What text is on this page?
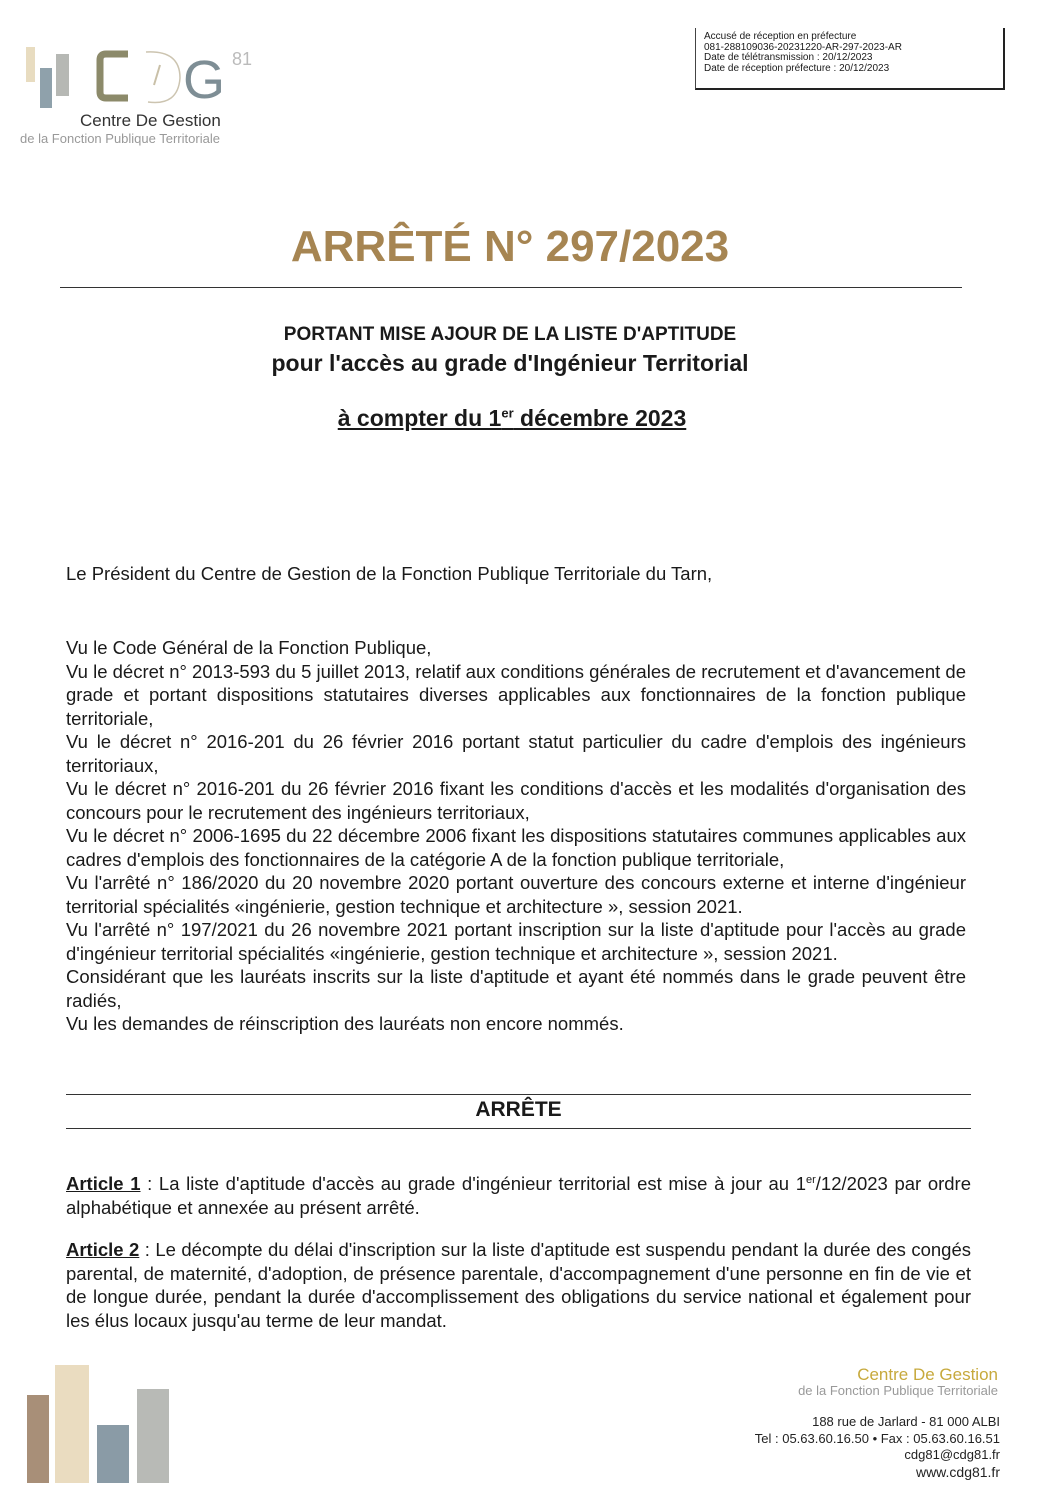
Accusé de réception en préfecture
081-288109036-20231220-AR-297-2023-AR
Date de télétransmission : 20/12/2023
Date de réception préfecture : 20/12/2023
G 81
Centre De Gestion
de la Fonction Publique Territoriale
ARRÊTÉ N° 297/2023
PORTANT MISE AJOUR DE LA LISTE D'APTITUDE
pour l'accès au grade d'Ingénieur Territorial
à compter du 1er décembre 2023
Le Président du Centre de Gestion de la Fonction Publique Territoriale du Tarn,

Vu le Code Général de la Fonction Publique,

Vu le décret n° 2013-593 du 5 juillet 2013, relatif aux conditions générales de recrutement et d'avancement de grade et portant dispositions statutaires diverses applicables aux fonctionnaires de la fonction publique territoriale,

Vu le décret n° 2016-201 du 26 février 2016 portant statut particulier du cadre d'emplois des ingénieurs territoriaux,

Vu le décret n° 2016-201 du 26 février 2016 fixant les conditions d'accès et les modalités d'organisation des concours pour le recrutement des ingénieurs territoriaux,

Vu le décret n° 2006-1695 du 22 décembre 2006 fixant les dispositions statutaires communes applicables aux cadres d'emplois des fonctionnaires de la catégorie A de la fonction publique territoriale,

Vu l'arrêté n° 186/2020 du 20 novembre 2020 portant ouverture des concours externe et interne d'ingénieur territorial spécialités «ingénierie, gestion technique et architecture », session 2021.

Vu l'arrêté n° 197/2021 du 26 novembre 2021 portant inscription sur la liste d'aptitude pour l'accès au grade d'ingénieur territorial spécialités «ingénierie, gestion technique et architecture », session 2021.

Considérant que les lauréats inscrits sur la liste d'aptitude et ayant été nommés dans le grade peuvent être radiés,

Vu les demandes de réinscription des lauréats non encore nommés.

ARRÊTE
Article 1 : La liste d'aptitude d'accès au grade d'ingénieur territorial est mise à jour au 1er/12/2023 par ordre alphabétique et annexée au présent arrêté.
Article 2 : Le décompte du délai d'inscription sur la liste d'aptitude est suspendu pendant la durée des congés parental, de maternité, d'adoption, de présence parentale, d'accompagnement d'une personne en fin de vie et de longue durée, pendant la durée d'accomplissement des obligations du service national et également pour les élus locaux jusqu'au terme de leur mandat.
Centre De Gestion
de la Fonction Publique Territoriale
188 rue de Jarlard - 81 000 ALBI
Tel : 05.63.60.16.50 • Fax : 05.63.60.16.51
cdg81@cdg81.fr
www.cdg81.fr
